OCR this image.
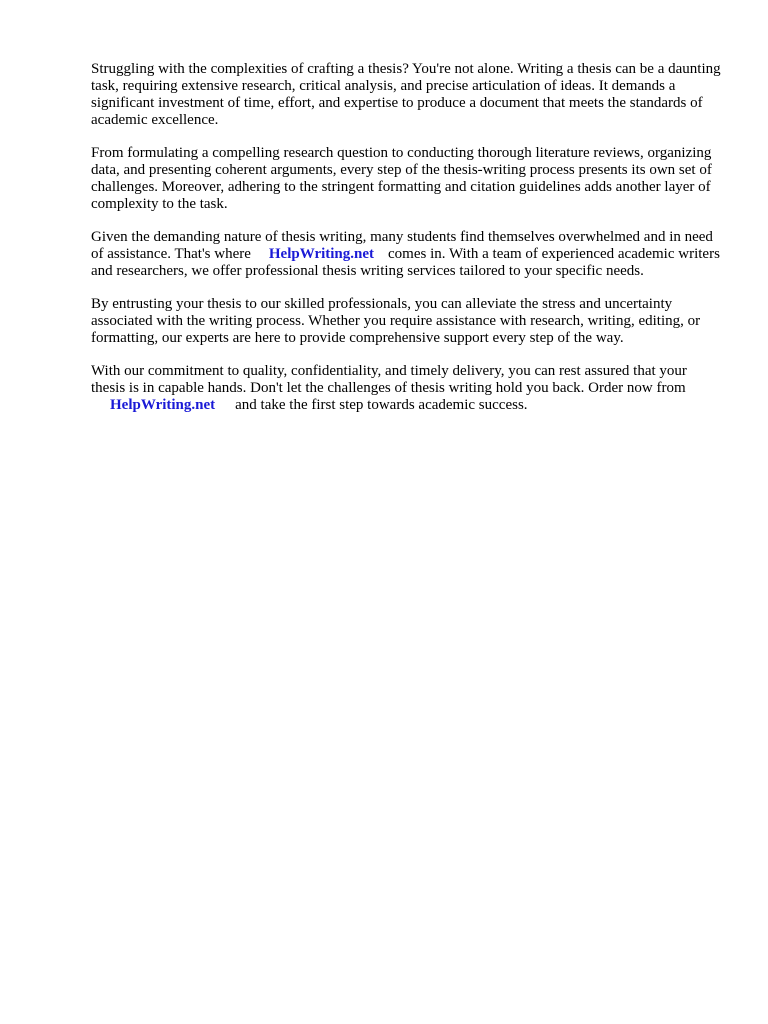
Struggling with the complexities of crafting a thesis? You're not alone. Writing a thesis can be a daunting task, requiring extensive research, critical analysis, and precise articulation of ideas. It demands a significant investment of time, effort, and expertise to produce a document that meets the standards of academic excellence.

From formulating a compelling research question to conducting thorough literature reviews, organizing data, and presenting coherent arguments, every step of the thesis-writing process presents its own set of challenges. Moreover, adhering to the stringent formatting and citation guidelines adds another layer of complexity to the task.

Given the demanding nature of thesis writing, many students find themselves overwhelmed and in need of assistance. That's where HelpWriting.net comes in. With a team of experienced academic writers and researchers, we offer professional thesis writing services tailored to your specific needs.

By entrusting your thesis to our skilled professionals, you can alleviate the stress and uncertainty associated with the writing process. Whether you require assistance with research, writing, editing, or formatting, our experts are here to provide comprehensive support every step of the way.

With our commitment to quality, confidentiality, and timely delivery, you can rest assured that your thesis is in capable hands. Don't let the challenges of thesis writing hold you back. Order now from
HelpWriting.net and take the first step towards academic success.
